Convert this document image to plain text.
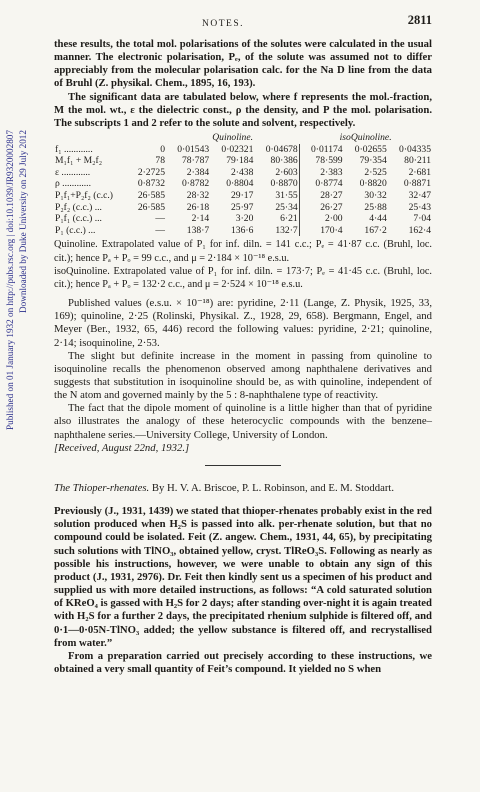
Published on 01 January 1932 on http://pubs.rsc.org | doi:10.1039/JR9320002807 Downloaded by Duke University on 29 July 2012
NOTES.	2811

these results, the total mol. polarisations of the solutes were calculated in the usual manner. The electronic polarisation, Pₑ, of the solute was assumed not to differ appreciably from the molecular polarisation calc. for the Na D line from the data of Bruhl (Z. physikal. Chem., 1895, 16, 193).

The significant data are tabulated below, where f represents the mol.-fraction, M the mol. wt., ε the dielectric const., ρ the density, and P the mol. polarisation. The subscripts 1 and 2 refer to the solute and solvent, respectively.

		Quinoline.			isoQuinoline.		
f₁ ............	0	0·01543	0·02321	0·04678	0·01174	0·02655	0·04335
M₁f₁ + M₂f₂	78	78·787	79·184	80·386	78·599	79·354	80·211
ε ............	2·2725	2·384	2·438	2·603	2·383	2·525	2·681
ρ ............	0·8732	0·8782	0·8804	0·8870	0·8774	0·8820	0·8871
P₁f₁+P₂f₂ (c.c.)	26·585	28·32	29·17	31·55	28·27	30·32	32·47
P₂f₂ (c.c.) ...	26·585	26·18	25·97	25·34	26·27	25·88	25·43
P₁f₁ (c.c.) ...	—	2·14	3·20	6·21	2·00	4·44	7·04
P₁ (c.c.) ...	—	138·7	136·6	132·7	170·4	167·2	162·4

Quinoline. Extrapolated value of P₁ for inf. diln. = 141 c.c.; Pₑ = 41·87 c.c. (Bruhl, loc. cit.); hence Pₐ + Pₒ = 99 c.c., and μ = 2·184 × 10⁻¹⁸ e.s.u.

isoQuinoline. Extrapolated value of P₁ for inf. diln. = 173·7; Pₑ = 41·45 c.c. (Bruhl, loc. cit.); hence Pₐ + Pₒ = 132·2 c.c., and μ = 2·524 × 10⁻¹⁸ e.s.u.

Published values (e.s.u. × 10⁻¹⁸) are: pyridine, 2·11 (Lange, Z. Physik, 1925, 33, 169); quinoline, 2·25 (Rolinski, Physikal. Z., 1928, 29, 658). Bergmann, Engel, and Meyer (Ber., 1932, 65, 446) record the following values: pyridine, 2·21; quinoline, 2·14; isoquinoline, 2·53.

The slight but definite increase in the moment in passing from quinoline to isoquinoline recalls the phenomenon observed among naphthalene derivatives and suggests that substitution in isoquinoline should be, as with quinoline, independent of the N atom and governed mainly by the 5 : 8-naphthalene type of reactivity.

The fact that the dipole moment of quinoline is a little higher than that of pyridine also illustrates the analogy of these heterocyclic compounds with the benzene–naphthalene series.—University College, University of London.

[Received, August 22nd, 1932.]

The Thioper-rhenates. By H. V. A. Briscoe, P. L. Robinson, and E. M. Stoddart.

Previously (J., 1931, 1439) we stated that thioper-rhenates probably exist in the red solution produced when H₂S is passed into alk. per-rhenate solution, but that no compound could be isolated. Feit (Z. angew. Chem., 1931, 44, 65), by precipitating such solutions with TlNO₃, obtained yellow, cryst. TlReO₃S. Following as nearly as possible his instructions, however, we were unable to obtain any sign of this product (J., 1931, 2976). Dr. Feit then kindly sent us a specimen of his product and supplied us with more detailed instructions, as follows: “A cold saturated solution of KReO₄ is gassed with H₂S for 2 days; after standing over-night it is again treated with H₂S for a further 2 days, the precipitated rhenium sulphide is filtered off, and 0·1—0·05N-TlNO₃ added; the yellow substance is filtered off, and recrystallised from water.”

From a preparation carried out precisely according to these instructions, we obtained a very small quantity of Feit’s compound. It yielded no S when
